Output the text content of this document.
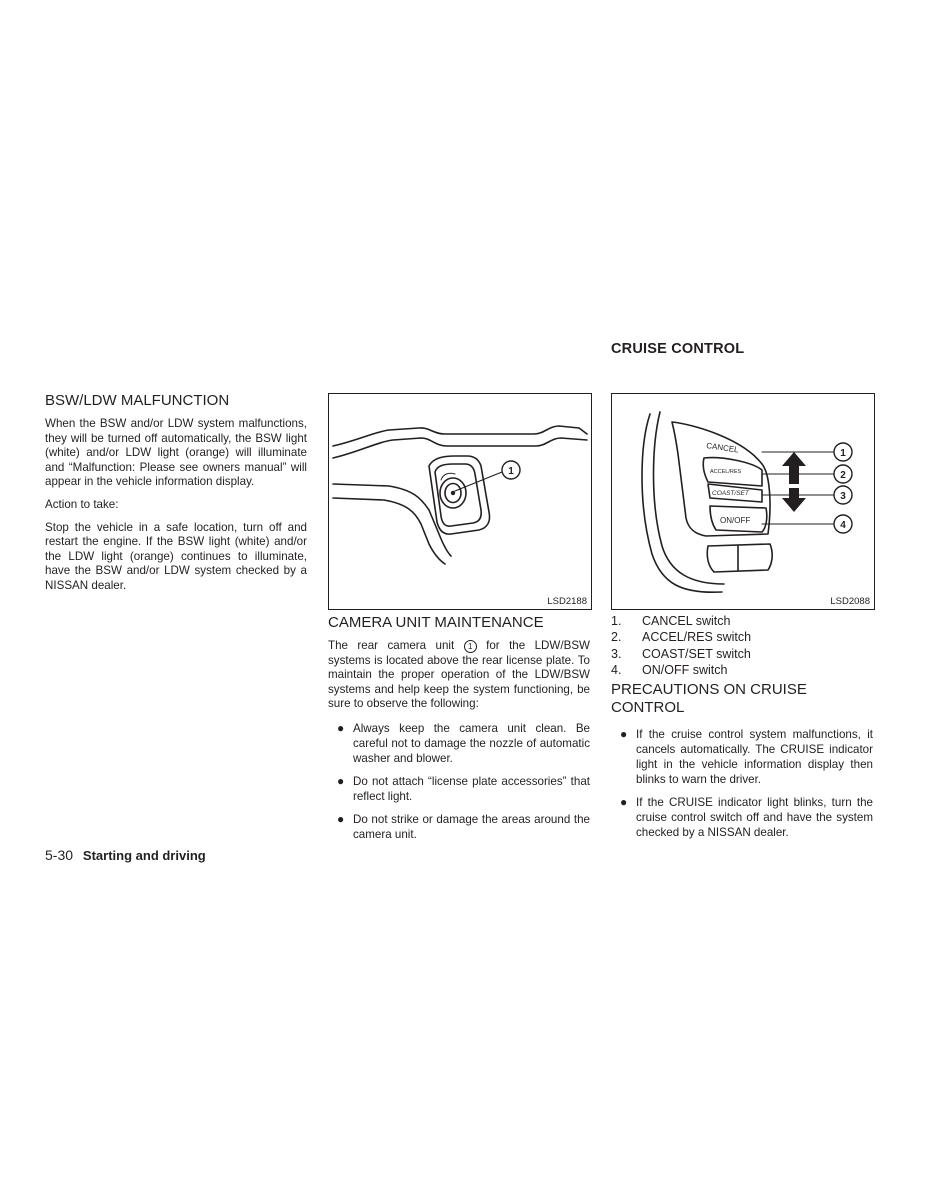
CRUISE CONTROL
BSW/LDW MALFUNCTION

When the BSW and/or LDW system malfunctions, they will be turned off automatically, the BSW light (white) and/or LDW light (orange) will illuminate and “Malfunction: Please see owners manual” will appear in the vehicle information display.

Action to take:

Stop the vehicle in a safe location, turn off and restart the engine. If the BSW light (white) and/or the LDW light (orange) continues to illuminate, have the BSW and/or LDW system checked by a NISSAN dealer.

1
LSD2188
CAMERA UNIT MAINTENANCE

The rear camera unit 1 for the LDW/BSW systems is located above the rear license plate. To maintain the proper operation of the LDW/BSW systems and help keep the system functioning, be sure to observe the following:

● Always keep the camera unit clean. Be careful not to damage the nozzle of automatic washer and blower.
● Do not attach “license plate accessories” that reflect light.
● Do not strike or damage the areas around the camera unit.
CANCEL
ACCEL/RES
COAST/SET
ON/OFF
1
2
3
4
LSD2088
1. CANCEL switch
2. ACCEL/RES switch
3. COAST/SET switch
4. ON/OFF switch
PRECAUTIONS ON CRUISE CONTROL
● If the cruise control system malfunctions, it cancels automatically. The CRUISE indicator light in the vehicle information display then blinks to warn the driver.
● If the CRUISE indicator light blinks, turn the cruise control switch off and have the system checked by a NISSAN dealer.
5-30 Starting and driving
